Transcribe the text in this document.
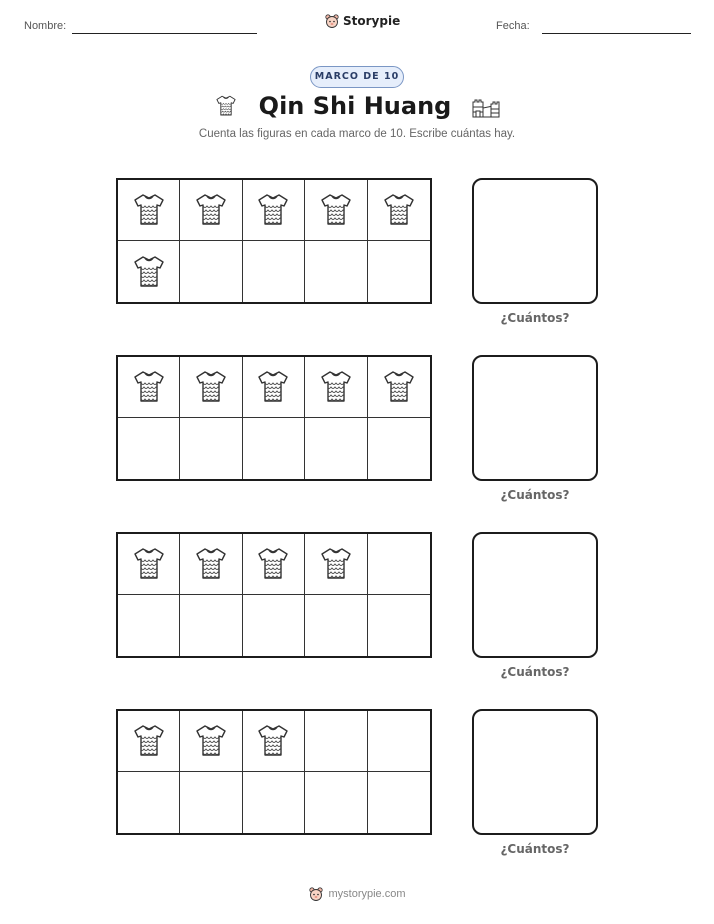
Nombre:	Storypie	Fecha:
MARCO DE 10
Qin Shi Huang
Cuenta las figuras en cada marco de 10. Escribe cuántas hay.
¿Cuántos?
¿Cuántos?
¿Cuántos?
¿Cuántos?
mystorypie.com
